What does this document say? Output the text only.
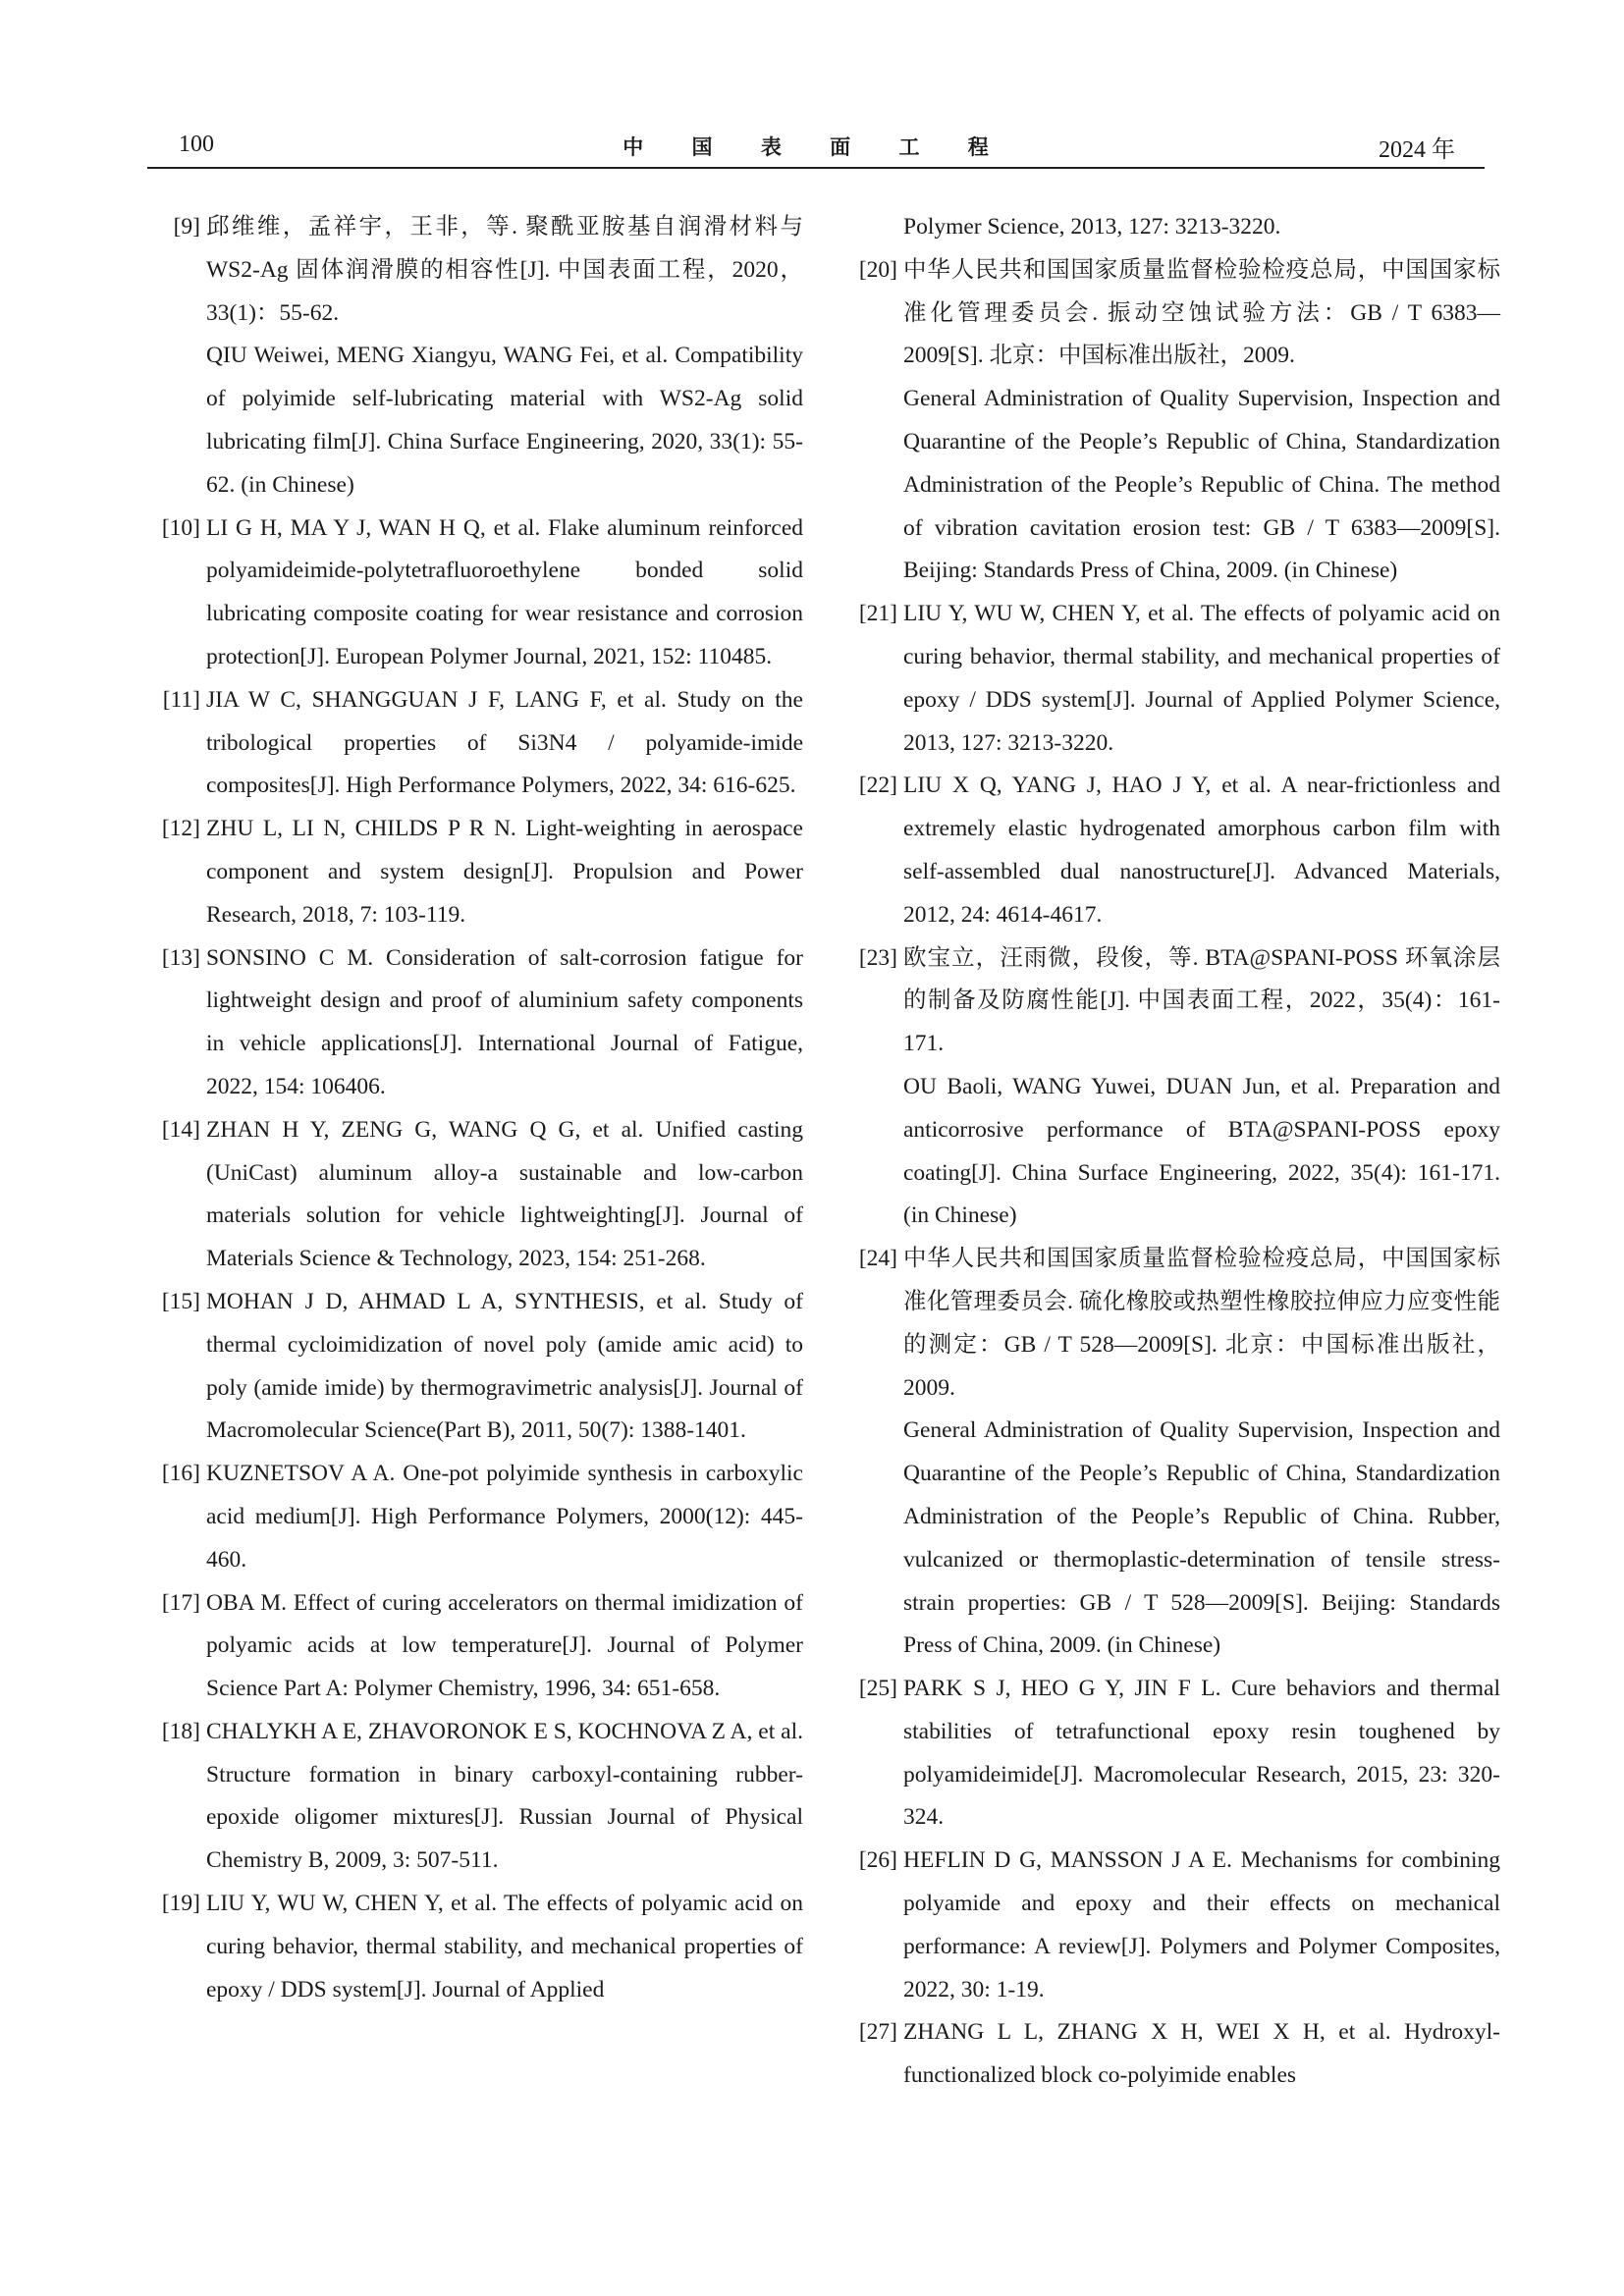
100	中 国 表 面 工 程	2024 年
[9] 邱维维，孟祥宇，王非，等. 聚酰亚胺基自润滑材料与 WS2-Ag 固体润滑膜的相容性[J]. 中国表面工程，2020，33(1)：55-62.

QIU Weiwei, MENG Xiangyu, WANG Fei, et al. Compatibility of polyimide self-lubricating material with WS2-Ag solid lubricating film[J]. China Surface Engineering, 2020, 33(1): 55-62. (in Chinese)

[10] LI G H, MA Y J, WAN H Q, et al. Flake aluminum reinforced polyamideimide-polytetrafluoroethylene bonded solid lubricating composite coating for wear resistance and corrosion protection[J]. European Polymer Journal, 2021, 152: 110485.

[11] JIA W C, SHANGGUAN J F, LANG F, et al. Study on the tribological properties of Si3N4 / polyamide-imide composites[J]. High Performance Polymers, 2022, 34: 616-625.

[12] ZHU L, LI N, CHILDS P R N. Light-weighting in aerospace component and system design[J]. Propulsion and Power Research, 2018, 7: 103-119.

[13] SONSINO C M. Consideration of salt-corrosion fatigue for lightweight design and proof of aluminium safety components in vehicle applications[J]. International Journal of Fatigue, 2022, 154: 106406.

[14] ZHAN H Y, ZENG G, WANG Q G, et al. Unified casting (UniCast) aluminum alloy-a sustainable and low-carbon materials solution for vehicle lightweighting[J]. Journal of Materials Science & Technology, 2023, 154: 251-268.

[15] MOHAN J D, AHMAD L A, SYNTHESIS, et al. Study of thermal cycloimidization of novel poly (amide amic acid) to poly (amide imide) by thermogravimetric analysis[J]. Journal of Macromolecular Science(Part B), 2011, 50(7): 1388-1401.

[16] KUZNETSOV A A. One-pot polyimide synthesis in carboxylic acid medium[J]. High Performance Polymers, 2000(12): 445-460.

[17] OBA M. Effect of curing accelerators on thermal imidization of polyamic acids at low temperature[J]. Journal of Polymer Science Part A: Polymer Chemistry, 1996, 34: 651-658.

[18] CHALYKH A E, ZHAVORONOK E S, KOCHNOVA Z A, et al. Structure formation in binary carboxyl-containing rubber-epoxide oligomer mixtures[J]. Russian Journal of Physical Chemistry B, 2009, 3: 507-511.

[19] LIU Y, WU W, CHEN Y, et al. The effects of polyamic acid on curing behavior, thermal stability, and mechanical properties of epoxy / DDS system[J]. Journal of Applied

Polymer Science, 2013, 127: 3213-3220.
[20] 中华人民共和国国家质量监督检验检疫总局，中国国家标准化管理委员会. 振动空蚀试验方法：GB / T 6383—2009[S]. 北京：中国标准出版社，2009.

General Administration of Quality Supervision, Inspection and Quarantine of the People’s Republic of China, Standardization Administration of the People’s Republic of China. The method of vibration cavitation erosion test: GB / T 6383—2009[S]. Beijing: Standards Press of China, 2009. (in Chinese)

[21] LIU Y, WU W, CHEN Y, et al. The effects of polyamic acid on curing behavior, thermal stability, and mechanical properties of epoxy / DDS system[J]. Journal of Applied Polymer Science, 2013, 127: 3213-3220.

[22] LIU X Q, YANG J, HAO J Y, et al. A near-frictionless and extremely elastic hydrogenated amorphous carbon film with self-assembled dual nanostructure[J]. Advanced Materials, 2012, 24: 4614-4617.

[23] 欧宝立，汪雨微，段俊，等. BTA@SPANI-POSS 环氧涂层的制备及防腐性能[J]. 中国表面工程，2022，35(4)：161-171.

OU Baoli, WANG Yuwei, DUAN Jun, et al. Preparation and anticorrosive performance of BTA@SPANI-POSS epoxy coating[J]. China Surface Engineering, 2022, 35(4): 161-171. (in Chinese)

[24] 中华人民共和国国家质量监督检验检疫总局，中国国家标准化管理委员会. 硫化橡胶或热塑性橡胶拉伸应力应变性能的测定：GB / T 528—2009[S]. 北京：中国标准出版社，2009.

General Administration of Quality Supervision, Inspection and Quarantine of the People’s Republic of China, Standardization Administration of the People’s Republic of China. Rubber, vulcanized or thermoplastic-determination of tensile stress-strain properties: GB / T 528—2009[S]. Beijing: Standards Press of China, 2009. (in Chinese)

[25] PARK S J, HEO G Y, JIN F L. Cure behaviors and thermal stabilities of tetrafunctional epoxy resin toughened by polyamideimide[J]. Macromolecular Research, 2015, 23: 320-324.

[26] HEFLIN D G, MANSSON J A E. Mechanisms for combining polyamide and epoxy and their effects on mechanical performance: A review[J]. Polymers and Polymer Composites, 2022, 30: 1-19.

[27] ZHANG L L, ZHANG X H, WEI X H, et al. Hydroxyl-functionalized block co-polyimide enables
